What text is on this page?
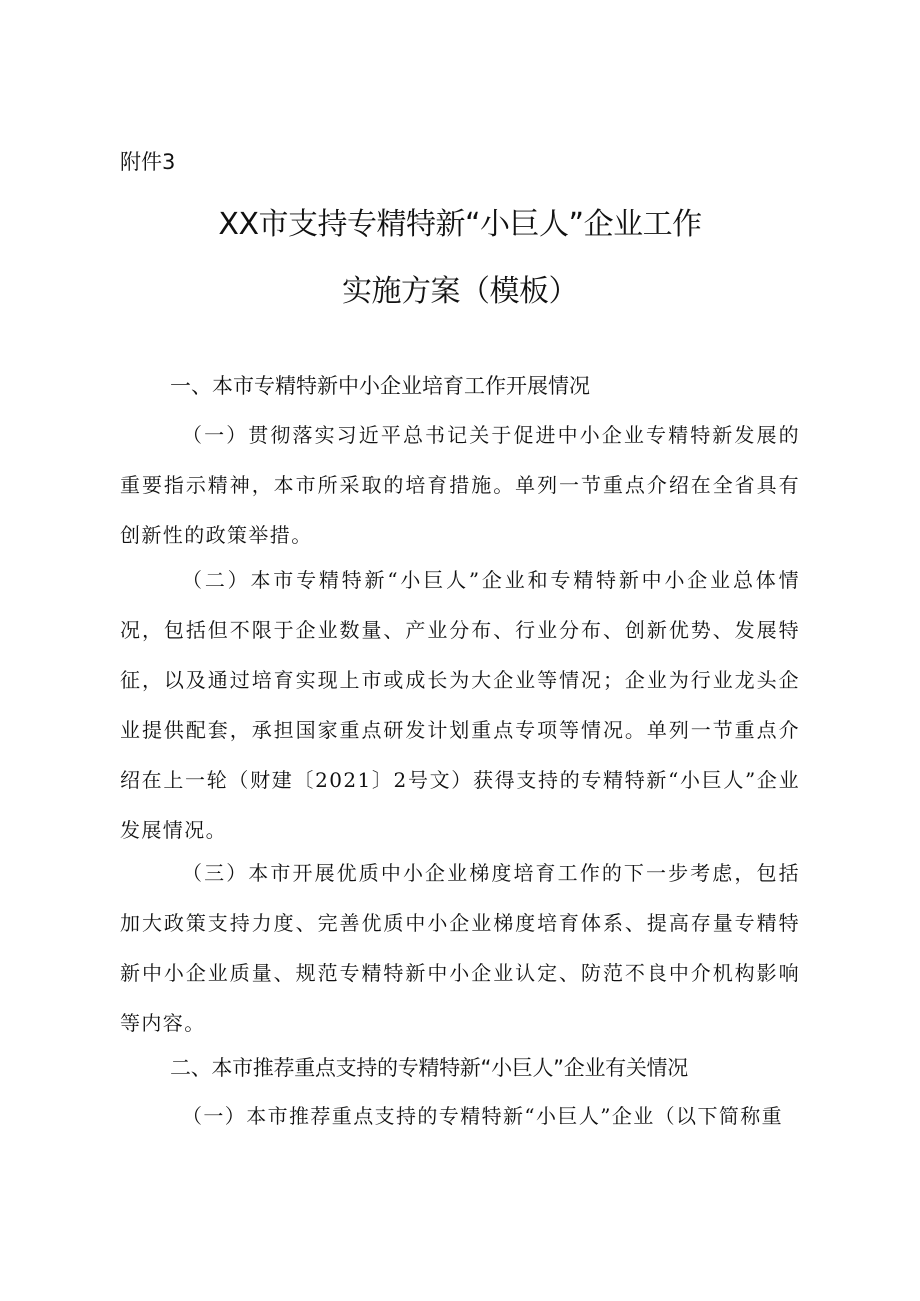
附件3
XX市支持专精特新“小巨人”企业工作
实施方案（模板）
一、本市专精特新中小企业培育工作开展情况

（一）贯彻落实习近平总书记关于促进中小企业专精特新发展的重要指示精神，本市所采取的培育措施。单列一节重点介绍在全省具有创新性的政策举措。

（二）本市专精特新“小巨人”企业和专精特新中小企业总体情况，包括但不限于企业数量、产业分布、行业分布、创新优势、发展特征，以及通过培育实现上市或成长为大企业等情况；企业为行业龙头企业提供配套，承担国家重点研发计划重点专项等情况。单列一节重点介绍在上一轮（财建〔2021〕2号文）获得支持的专精特新“小巨人”企业发展情况。

（三）本市开展优质中小企业梯度培育工作的下一步考虑，包括加大政策支持力度、完善优质中小企业梯度培育体系、提高存量专精特新中小企业质量、规范专精特新中小企业认定、防范不良中介机构影响等内容。

二、本市推荐重点支持的专精特新“小巨人”企业有关情况

（一）本市推荐重点支持的专精特新“小巨人”企业（以下简称重
